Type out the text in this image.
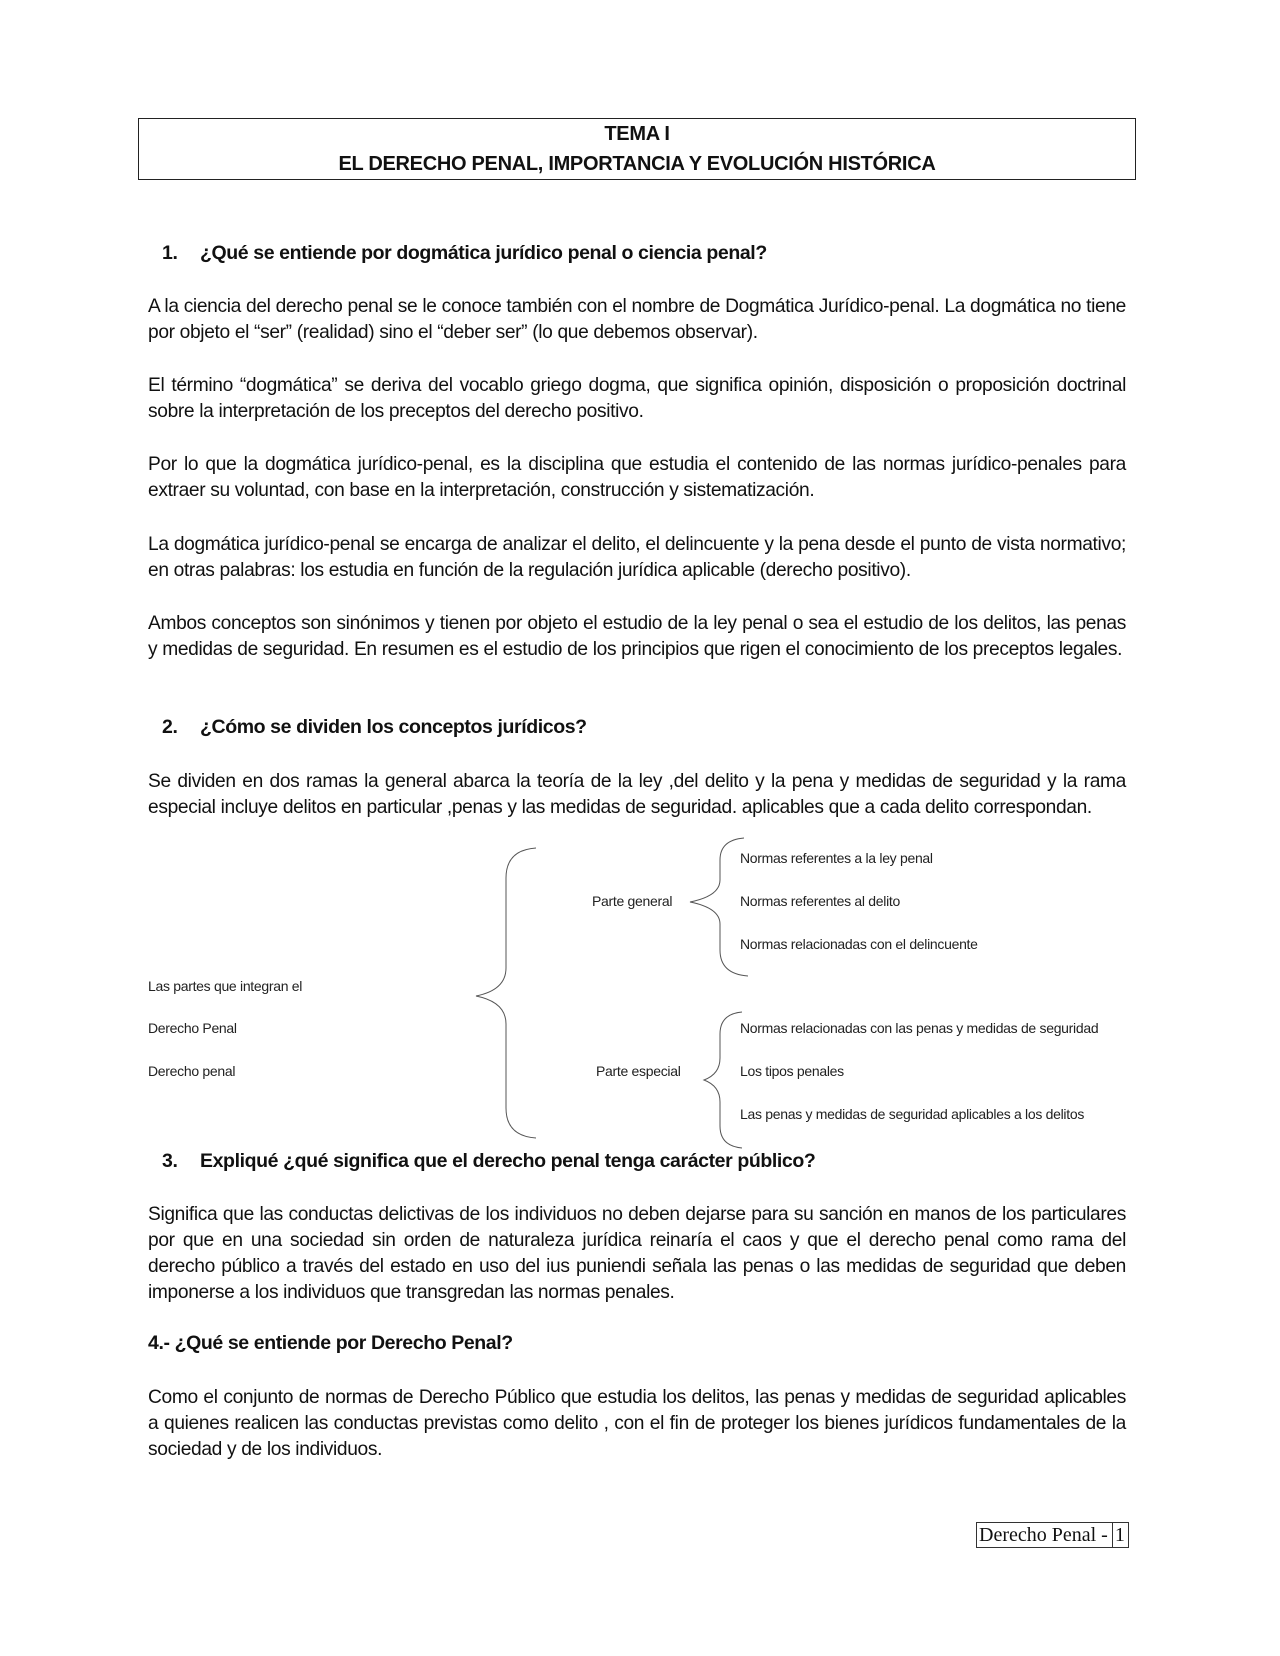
TEMA I
EL DERECHO PENAL, IMPORTANCIA Y EVOLUCIÓN HISTÓRICA
1. ¿Qué se entiende por dogmática jurídico penal o ciencia penal?
A la ciencia del derecho penal se le conoce también con el nombre de Dogmática Jurídico-penal. La dogmática no tiene por objeto el “ser” (realidad) sino el “deber ser” (lo que debemos observar).
El término “dogmática” se deriva del vocablo griego dogma, que significa opinión, disposición o proposición doctrinal sobre la interpretación de los preceptos del derecho positivo.
Por lo que la dogmática jurídico-penal, es la disciplina que estudia el contenido de las normas jurídico-penales para extraer su voluntad, con base en la interpretación, construcción y sistematización.
La dogmática jurídico-penal se encarga de analizar el delito, el delincuente y la pena desde el punto de vista normativo; en otras palabras: los estudia en función de la regulación jurídica aplicable (derecho positivo).
Ambos conceptos son sinónimos y tienen por objeto el estudio de la ley penal o sea el estudio de los delitos, las penas y medidas de seguridad. En resumen es el estudio de los principios que rigen el conocimiento de los preceptos legales.
2. ¿Cómo se dividen los conceptos jurídicos?
Se dividen en dos ramas la general abarca la teoría de la ley ,del delito y la pena y medidas de seguridad y la rama especial incluye delitos en particular ,penas y las medidas de seguridad. aplicables que a cada delito correspondan.
Las partes que integran el
Derecho Penal
Derecho penal
Parte general
Normas referentes a la ley penal
Normas referentes al delito
Normas relacionadas con el delincuente
Parte especial
Normas relacionadas con las penas y medidas de seguridad
Los tipos penales
Las penas y medidas de seguridad aplicables a los delitos
3. Expliqué ¿qué significa que el derecho penal tenga carácter público?
Significa que las conductas delictivas de los individuos no deben dejarse para su sanción en manos de los particulares por que en una sociedad sin orden de naturaleza jurídica reinaría el caos y que el derecho penal como rama del derecho público a través del estado en uso del ius puniendi señala las penas o las medidas de seguridad que deben imponerse a los individuos que transgredan las normas penales.
4.- ¿Qué se entiende por Derecho Penal?
Como el conjunto de normas de Derecho Público que estudia los delitos, las penas y medidas de seguridad aplicables a quienes realicen las conductas previstas como delito , con el fin de proteger los bienes jurídicos fundamentales de la sociedad y de los individuos.
Derecho Penal - 1
